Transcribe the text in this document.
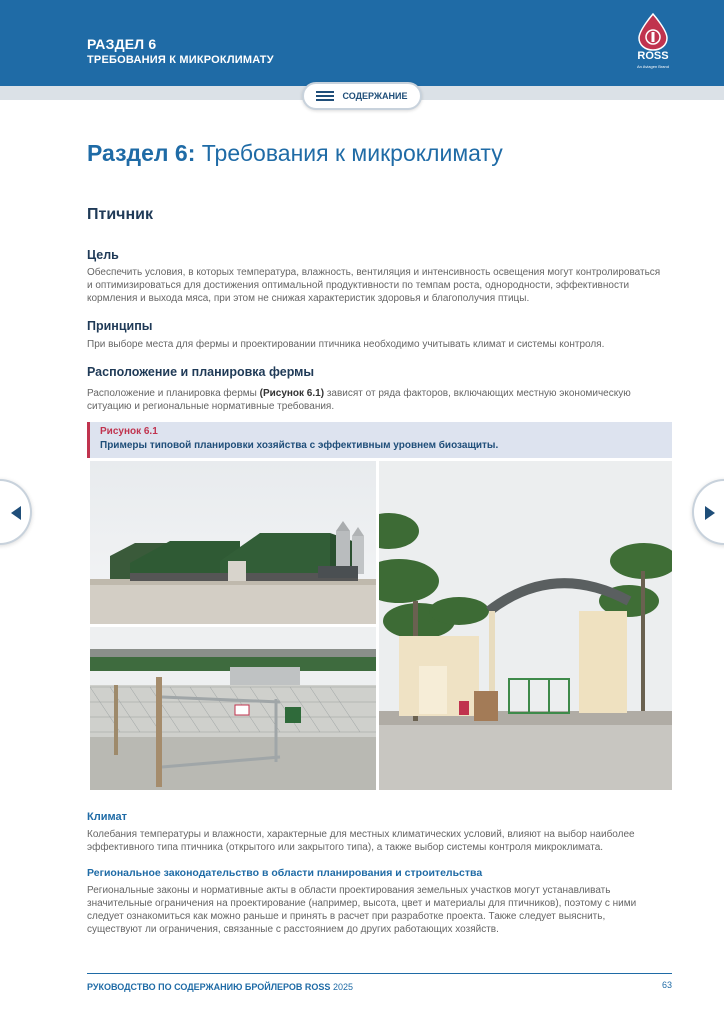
РАЗДЕЛ 6
ТРЕБОВАНИЯ К МИКРОКЛИМАТУ	ROSS
An Aviagen Brand
СОДЕРЖАНИЕ
Раздел 6: Требования к микроклимату
Птичник
Цель
Обеспечить условия, в которых температура, влажность, вентиляция и интенсивность освещения могут контролироваться и оптимизироваться для достижения оптимальной продуктивности по темпам роста, однородности, эффективности кормления и выхода мяса, при этом не снижая характеристик здоровья и благополучия птицы.
Принципы
При выборе места для фермы и проектировании птичника необходимо учитывать климат и системы контроля.
Расположение и планировка фермы
Расположение и планировка фермы (Рисунок 6.1) зависят от ряда факторов, включающих местную экономическую ситуацию и региональные нормативные требования.
Рисунок 6.1
Примеры типовой планировки хозяйства с эффективным уровнем биозащиты.
Климат
Колебания температуры и влажности, характерные для местных климатических условий, влияют на выбор наиболее эффективного типа птичника (открытого или закрытого типа), а также выбор системы контроля микроклимата.
Региональное законодательство в области планирования и строительства
Региональные законы и нормативные акты в области проектирования земельных участков могут устанавливать значительные ограничения на проектирование (например, высота, цвет и материалы для птичников), поэтому с ними следует ознакомиться как можно раньше и принять в расчет при разработке проекта. Также следует выяснить, существуют ли ограничения, связанные с расстоянием до других работающих хозяйств.
РУКОВОДСТВО ПО СОДЕРЖАНИЮ БРОЙЛЕРОВ ROSS 2025	63
